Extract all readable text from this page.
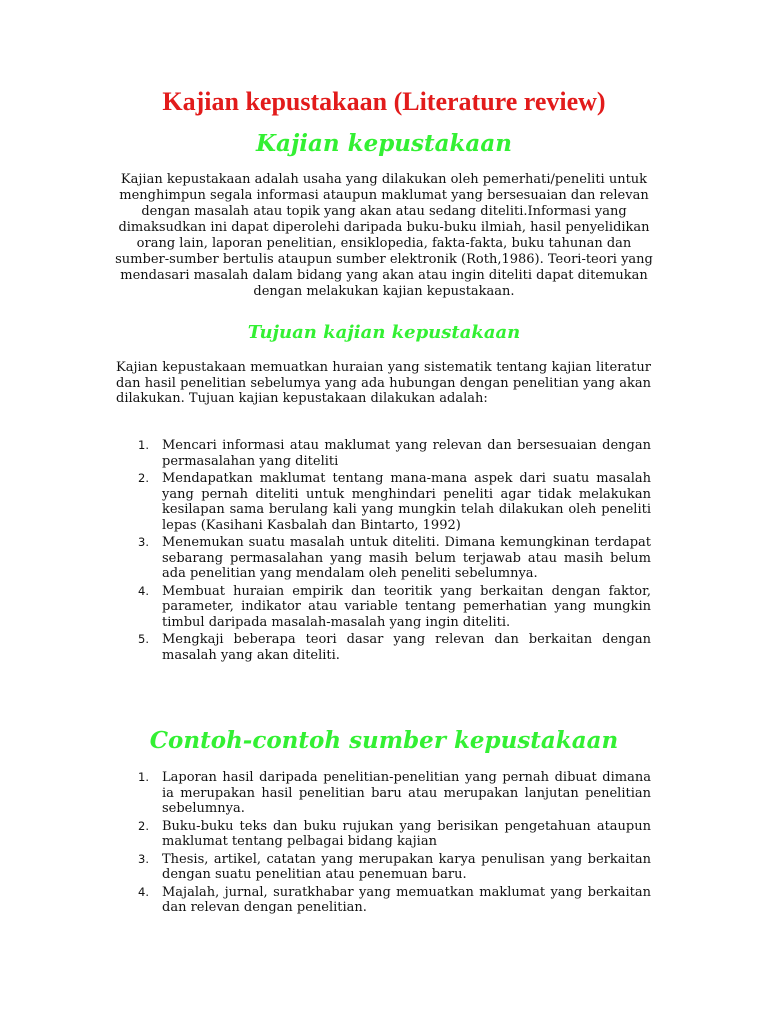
Kajian kepustakaan (Literature review)
Kajian kepustakaan

Kajian kepustakaan adalah usaha yang dilakukan oleh pemerhati/peneliti untuk menghimpun segala informasi ataupun maklumat yang bersesuaian dan relevan dengan masalah atau topik yang akan atau sedang diteliti.Informasi yang dimaksudkan ini dapat diperolehi daripada buku-buku ilmiah, hasil penyelidikan orang lain, laporan penelitian, ensiklopedia, fakta-fakta, buku tahunan dan sumber-sumber bertulis ataupun sumber elektronik (Roth,1986). Teori-teori yang mendasari masalah dalam bidang yang akan atau ingin diteliti dapat ditemukan dengan melakukan kajian kepustakaan.

Tujuan kajian kepustakaan

Kajian kepustakaan memuatkan huraian yang sistematik tentang kajian literatur dan hasil penelitian sebelumya yang ada hubungan dengan penelitian yang akan dilakukan. Tujuan kajian kepustakaan dilakukan adalah:

1. Mencari informasi atau maklumat yang relevan dan bersesuaian dengan permasalahan yang diteliti
2. Mendapatkan maklumat tentang mana-mana aspek dari suatu masalah yang pernah diteliti untuk menghindari peneliti agar tidak melakukan kesilapan sama berulang kali yang mungkin telah dilakukan oleh peneliti lepas (Kasihani Kasbalah dan Bintarto, 1992)
3. Menemukan suatu masalah untuk diteliti. Dimana kemungkinan terdapat sebarang permasalahan yang masih belum terjawab atau masih belum ada penelitian yang mendalam oleh peneliti sebelumnya.
4. Membuat huraian empirik dan teoritik yang berkaitan dengan faktor, parameter, indikator atau variable tentang pemerhatian yang mungkin timbul daripada masalah-masalah yang ingin diteliti.
5. Mengkaji beberapa teori dasar yang relevan dan berkaitan dengan masalah yang akan diteliti.
Contoh-contoh sumber kepustakaan
1. Laporan hasil daripada penelitian-penelitian yang pernah dibuat dimana ia merupakan hasil penelitian baru atau merupakan lanjutan penelitian sebelumnya.
2. Buku-buku teks dan buku rujukan yang berisikan pengetahuan ataupun maklumat tentang pelbagai bidang kajian
3. Thesis, artikel, catatan yang merupakan karya penulisan yang berkaitan dengan suatu penelitian atau penemuan baru.
4. Majalah, jurnal, suratkhabar yang memuatkan maklumat yang berkaitan dan relevan dengan penelitian.
